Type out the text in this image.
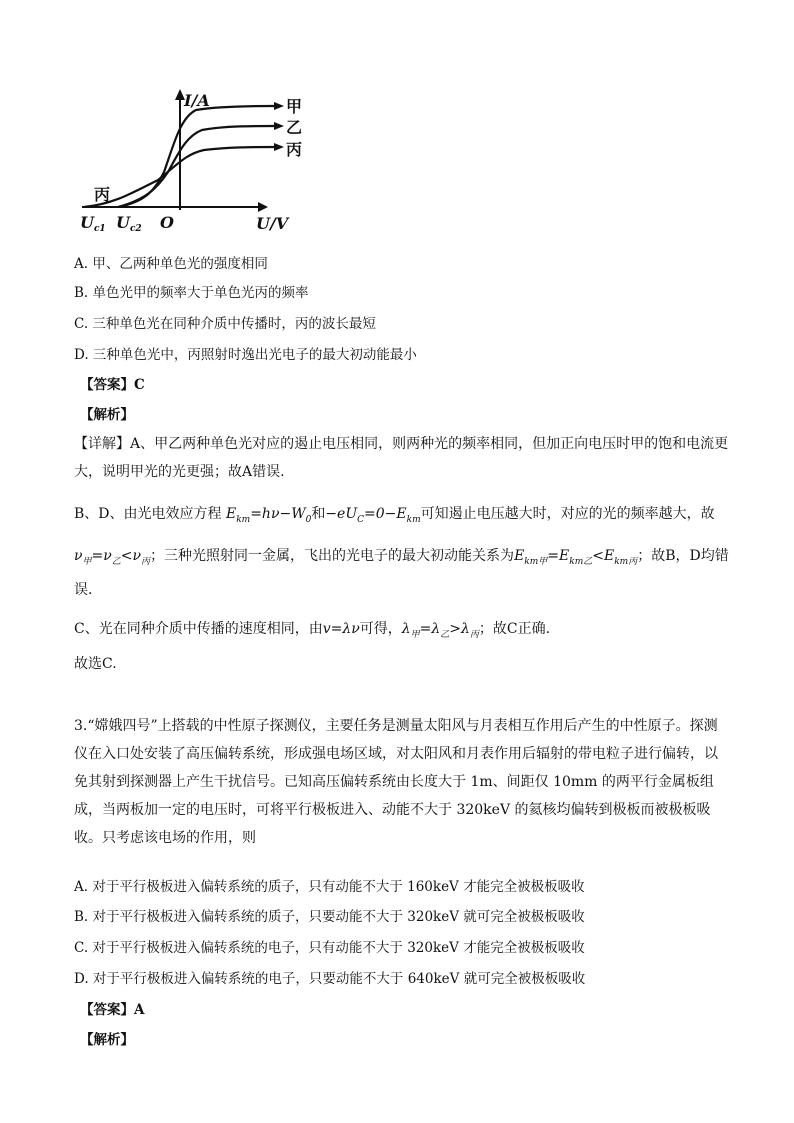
I/A	甲
乙
丙
丙
Uc1 Uc2 O	U/V
A. 甲、乙两种单色光的强度相同
B. 单色光甲的频率大于单色光丙的频率
C. 三种单色光在同种介质中传播时，丙的波长最短
D. 三种单色光中，丙照射时逸出光电子的最大初动能最小
【答案】C
【解析】

【详解】A、甲乙两种单色光对应的遏止电压相同，则两种光的频率相同，但加正向电压时甲的饱和电流更大，说明甲光的光更强；故A错误.

B、D、由光电效应方程 $E_{km}=h\nu-W_0$和$-eU_C=0-E_{km}$可知遏止电压越大时，对应的光的频率越大，故

$\nu_甲=\nu_乙<\nu_丙$；三种光照射同一金属，飞出的光电子的最大初动能关系为$E_{km甲}=E_{km乙}<E_{km丙}$；故B，D均错误.

C、光在同种介质中传播的速度相同，由v=λν可得，$\lambda_甲=\lambda_乙>\lambda_丙$；故C正确.

故选C.

3.“嫦娥四号”上搭载的中性原子探测仪，主要任务是测量太阳风与月表相互作用后产生的中性原子。探测仪在入口处安装了高压偏转系统，形成强电场区域，对太阳风和月表作用后辐射的带电粒子进行偏转，以免其射到探测器上产生干扰信号。已知高压偏转系统由长度大于 1m、间距仅 10mm 的两平行金属板组成，当两板加一定的电压时，可将平行极板进入、动能不大于 320keV 的氦核均偏转到极板而被极板吸收。只考虑该电场的作用，则

A. 对于平行极板进入偏转系统的质子，只有动能不大于 160keV 才能完全被极板吸收
B. 对于平行极板进入偏转系统的质子，只要动能不大于 320keV 就可完全被极板吸收
C. 对于平行极板进入偏转系统的电子，只有动能不大于 320keV 才能完全被极板吸收
D. 对于平行极板进入偏转系统的电子，只要动能不大于 640keV 就可完全被极板吸收
【答案】A
【解析】
